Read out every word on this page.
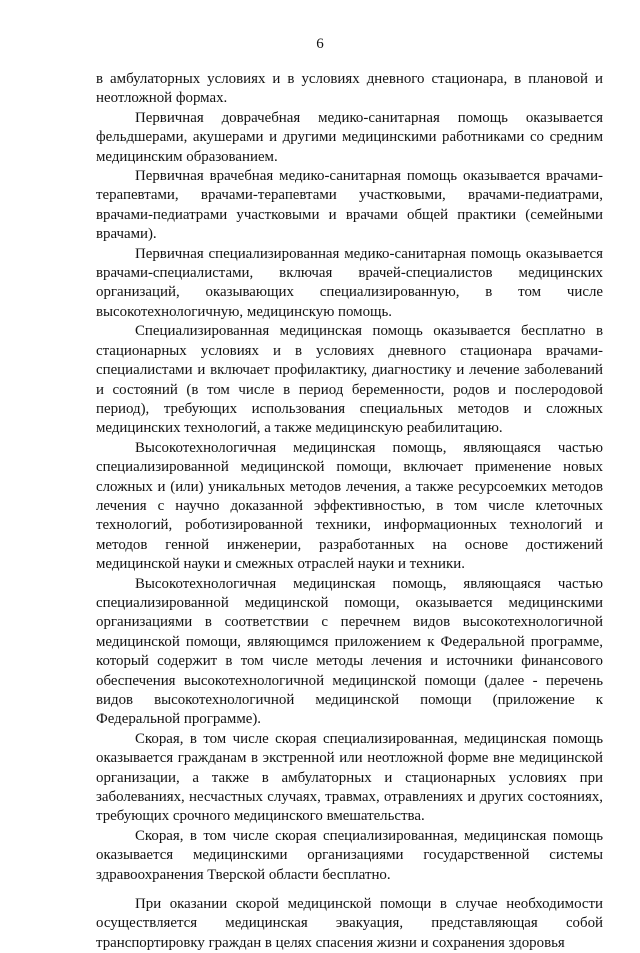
6

в амбулаторных условиях и в условиях дневного стационара, в плановой и неотложной формах.

Первичная доврачебная медико-санитарная помощь оказывается фельдшерами, акушерами и другими медицинскими работниками со средним медицинским образованием.

Первичная врачебная медико-санитарная помощь оказывается врачами-терапевтами, врачами-терапевтами участковыми, врачами-педиатрами, врачами-педиатрами участковыми и врачами общей практики (семейными врачами).

Первичная специализированная медико-санитарная помощь оказывается врачами-специалистами, включая врачей-специалистов медицинских организаций, оказывающих специализированную, в том числе высокотехнологичную, медицинскую помощь.

Специализированная медицинская помощь оказывается бесплатно в стационарных условиях и в условиях дневного стационара врачами-специалистами и включает профилактику, диагностику и лечение заболеваний и состояний (в том числе в период беременности, родов и послеродовой период), требующих использования специальных методов и сложных медицинских технологий, а также медицинскую реабилитацию.

Высокотехнологичная медицинская помощь, являющаяся частью специализированной медицинской помощи, включает применение новых сложных и (или) уникальных методов лечения, а также ресурсоемких методов лечения с научно доказанной эффективностью, в том числе клеточных технологий, роботизированной техники, информационных технологий и методов генной инженерии, разработанных на основе достижений медицинской науки и смежных отраслей науки и техники.

Высокотехнологичная медицинская помощь, являющаяся частью специализированной медицинской помощи, оказывается медицинскими организациями в соответствии с перечнем видов высокотехнологичной медицинской помощи, являющимся приложением к Федеральной программе, который содержит в том числе методы лечения и источники финансового обеспечения высокотехнологичной медицинской помощи (далее - перечень видов высокотехнологичной медицинской помощи (приложение к Федеральной программе).

Скорая, в том числе скорая специализированная, медицинская помощь оказывается гражданам в экстренной или неотложной форме вне медицинской организации, а также в амбулаторных и стационарных условиях при заболеваниях, несчастных случаях, травмах, отравлениях и других состояниях, требующих срочного медицинского вмешательства.

Скорая, в том числе скорая специализированная, медицинская помощь оказывается медицинскими организациями государственной системы здравоохранения Тверской области бесплатно.

При оказании скорой медицинской помощи в случае необходимости осуществляется медицинская эвакуация, представляющая собой транспортировку граждан в целях спасения жизни и сохранения здоровья
